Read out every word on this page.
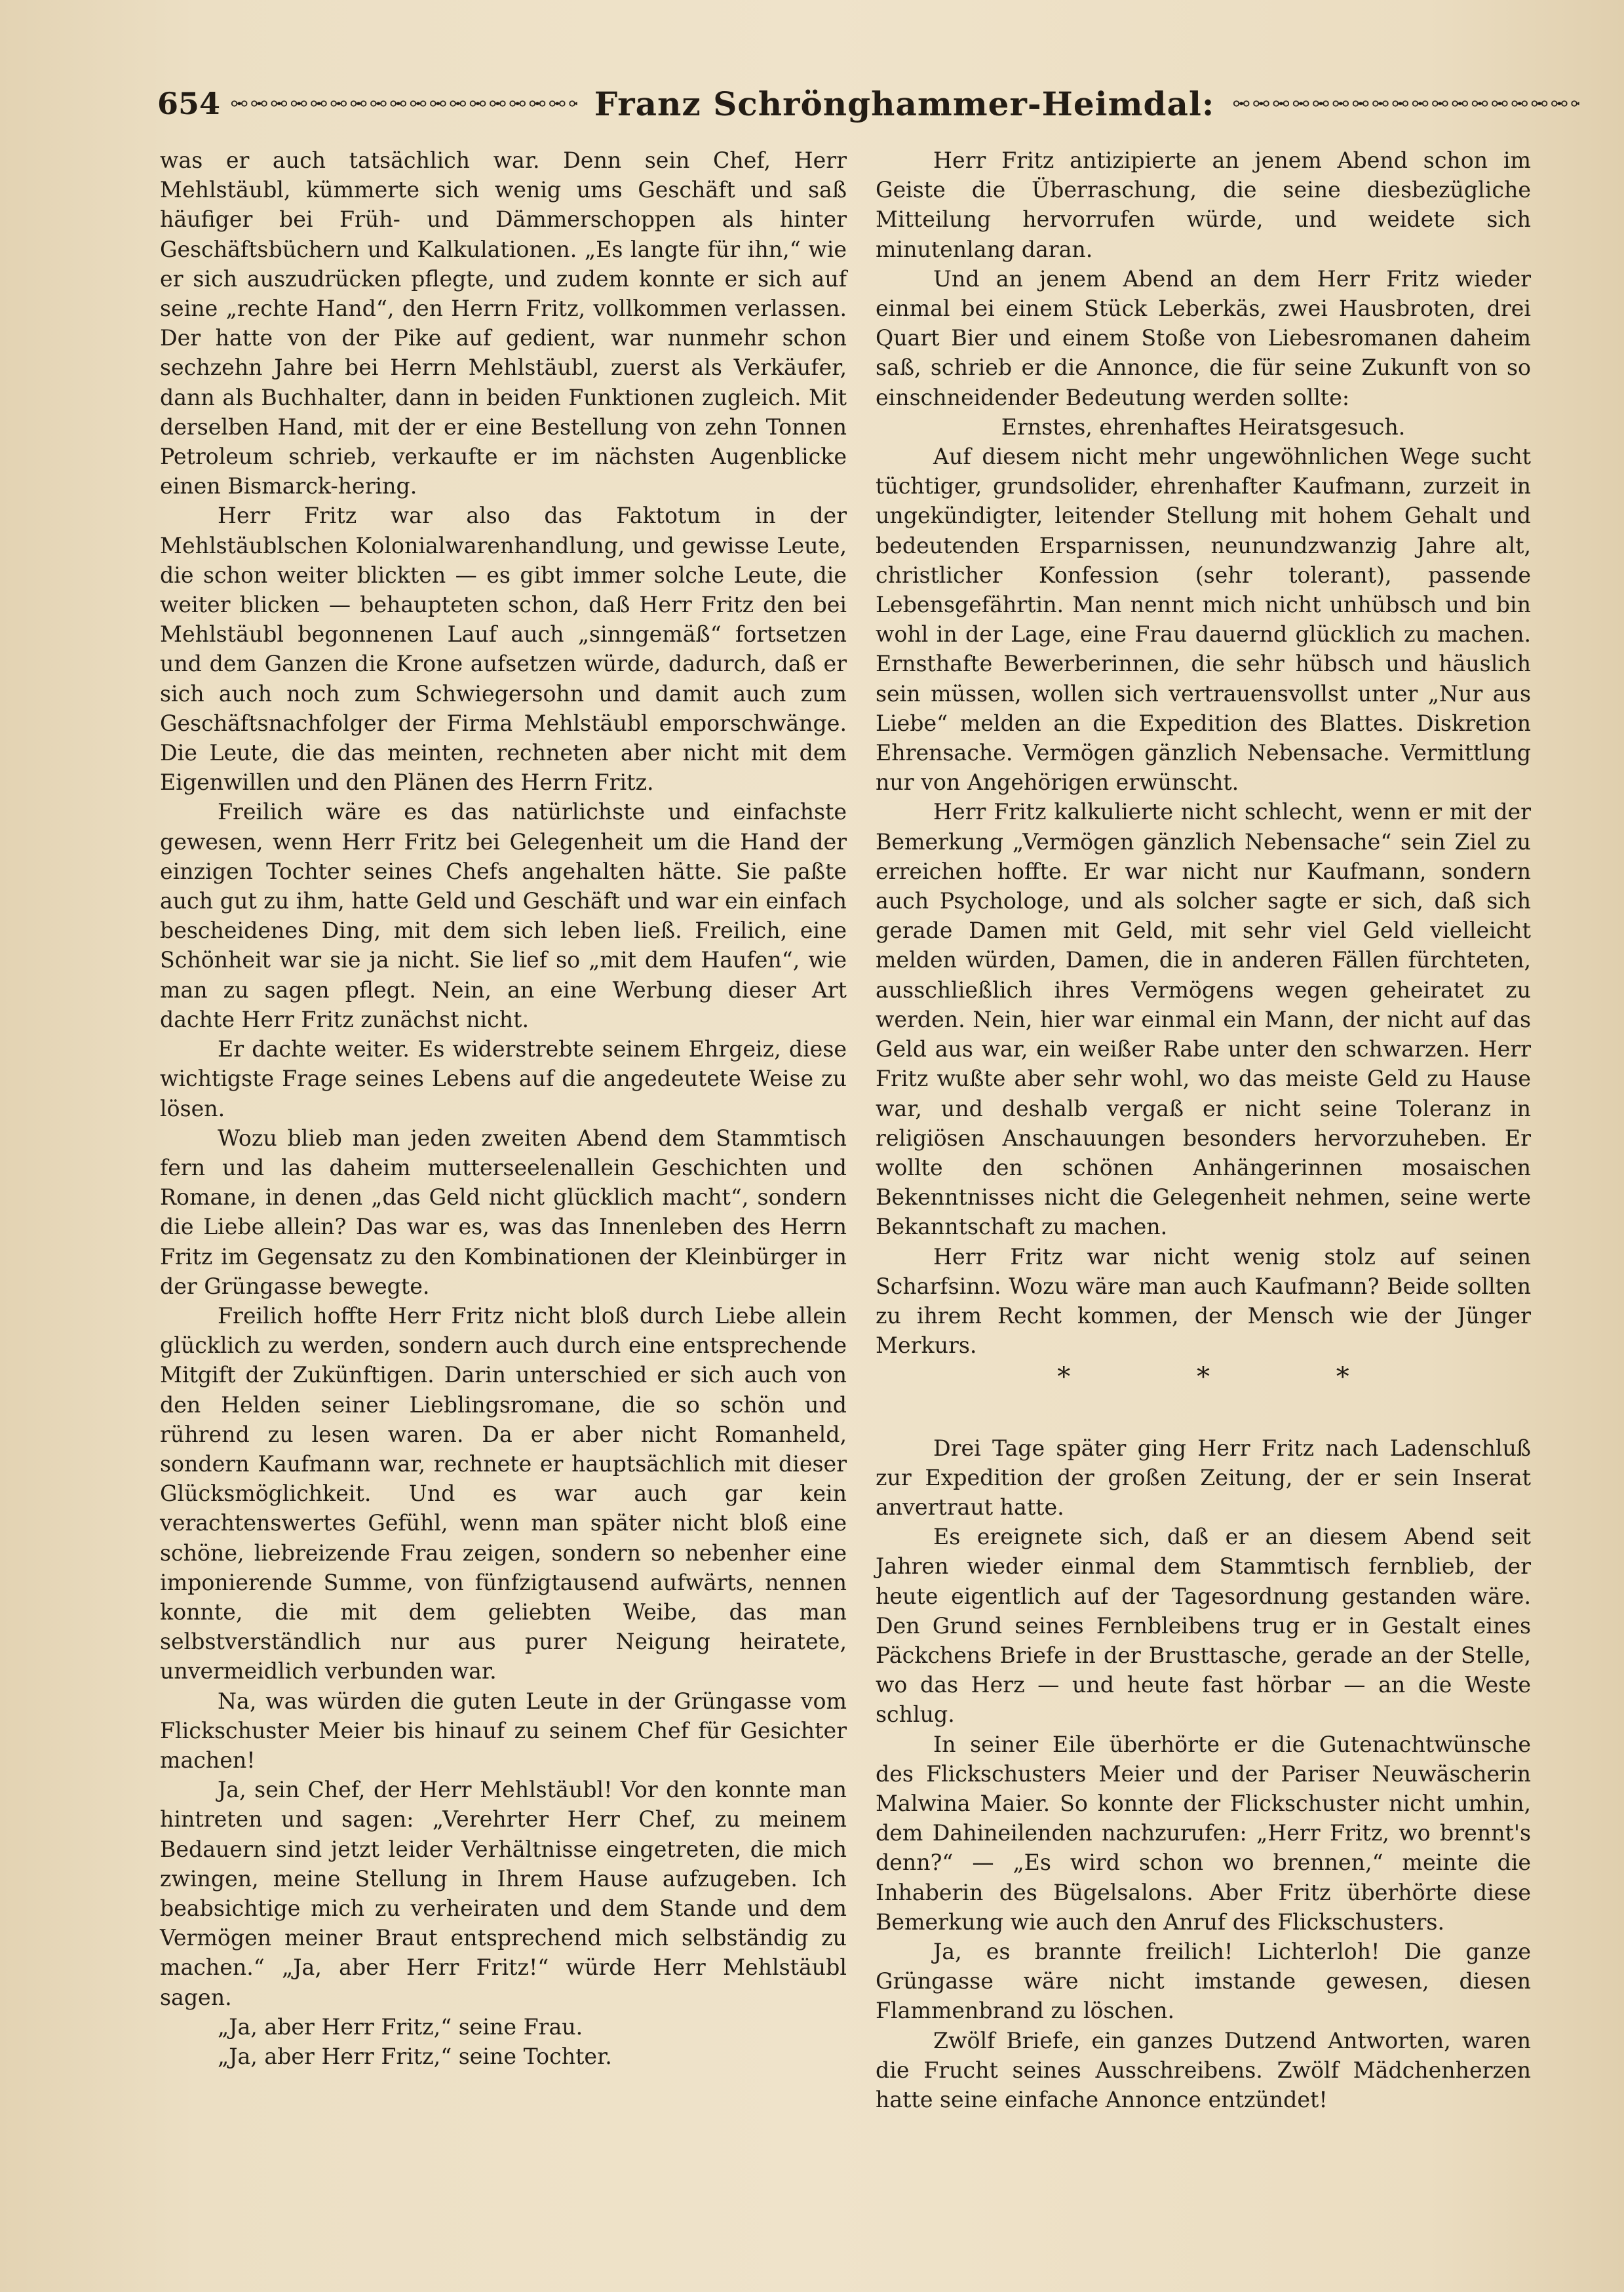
654	Franz Schrönghammer-Heimdal:

was er auch tatsächlich war. Denn sein Chef, Herr Mehlstäubl, kümmerte sich wenig ums Geschäft und saß häufiger bei Früh- und Dämmerschoppen als hinter Geschäftsbüchern und Kalkulationen. „Es langte für ihn,“ wie er sich auszudrücken pflegte, und zudem konnte er sich auf seine „rechte Hand“, den Herrn Fritz, vollkommen verlassen. Der hatte von der Pike auf gedient, war nunmehr schon sechzehn Jahre bei Herrn Mehlstäubl, zuerst als Verkäufer, dann als Buchhalter, dann in beiden Funktionen zugleich. Mit derselben Hand, mit der er eine Bestellung von zehn Tonnen Petroleum schrieb, verkaufte er im nächsten Augenblicke einen Bismarck-hering.

Herr Fritz war also das Faktotum in der Mehlstäublschen Kolonialwarenhandlung, und gewisse Leute, die schon weiter blickten — es gibt immer solche Leute, die weiter blicken — behaupteten schon, daß Herr Fritz den bei Mehlstäubl begonnenen Lauf auch „sinngemäß“ fortsetzen und dem Ganzen die Krone aufsetzen würde, dadurch, daß er sich auch noch zum Schwiegersohn und damit auch zum Geschäftsnachfolger der Firma Mehlstäubl emporschwänge. Die Leute, die das meinten, rechneten aber nicht mit dem Eigenwillen und den Plänen des Herrn Fritz.

Freilich wäre es das natürlichste und einfachste gewesen, wenn Herr Fritz bei Gelegenheit um die Hand der einzigen Tochter seines Chefs angehalten hätte. Sie paßte auch gut zu ihm, hatte Geld und Geschäft und war ein einfach bescheidenes Ding, mit dem sich leben ließ. Freilich, eine Schönheit war sie ja nicht. Sie lief so „mit dem Haufen“, wie man zu sagen pflegt. Nein, an eine Werbung dieser Art dachte Herr Fritz zunächst nicht.

Er dachte weiter. Es widerstrebte seinem Ehrgeiz, diese wichtigste Frage seines Lebens auf die angedeutete Weise zu lösen.

Wozu blieb man jeden zweiten Abend dem Stammtisch fern und las daheim mutterseelenallein Geschichten und Romane, in denen „das Geld nicht glücklich macht“, sondern die Liebe allein? Das war es, was das Innenleben des Herrn Fritz im Gegensatz zu den Kombinationen der Kleinbürger in der Grüngasse bewegte.

Freilich hoffte Herr Fritz nicht bloß durch Liebe allein glücklich zu werden, sondern auch durch eine entsprechende Mitgift der Zukünftigen. Darin unterschied er sich auch von den Helden seiner Lieblingsromane, die so schön und rührend zu lesen waren. Da er aber nicht Romanheld, sondern Kaufmann war, rechnete er hauptsächlich mit dieser Glücksmöglichkeit. Und es war auch gar kein verachtenswertes Gefühl, wenn man später nicht bloß eine schöne, liebreizende Frau zeigen, sondern so nebenher eine imponierende Summe, von fünfzigtausend aufwärts, nennen konnte, die mit dem geliebten Weibe, das man selbstverständlich nur aus purer Neigung heiratete, unvermeidlich verbunden war.

Na, was würden die guten Leute in der Grüngasse vom Flickschuster Meier bis hinauf zu seinem Chef für Gesichter machen!

Ja, sein Chef, der Herr Mehlstäubl! Vor den konnte man hintreten und sagen: „Verehrter Herr Chef, zu meinem Bedauern sind jetzt leider Verhältnisse eingetreten, die mich zwingen, meine Stellung in Ihrem Hause aufzugeben. Ich beabsichtige mich zu verheiraten und dem Stande und dem Vermögen meiner Braut entsprechend mich selbständig zu machen.“ „Ja, aber Herr Fritz!“ würde Herr Mehlstäubl sagen.

„Ja, aber Herr Fritz,“ seine Frau.

„Ja, aber Herr Fritz,“ seine Tochter.

Herr Fritz antizipierte an jenem Abend schon im Geiste die Überraschung, die seine diesbezügliche Mitteilung hervorrufen würde, und weidete sich minutenlang daran.

Und an jenem Abend an dem Herr Fritz wieder einmal bei einem Stück Leberkäs, zwei Hausbroten, drei Quart Bier und einem Stoße von Liebesromanen daheim saß, schrieb er die Annonce, die für seine Zukunft von so einschneidender Bedeutung werden sollte:

Ernstes, ehrenhaftes Heiratsgesuch.

Auf diesem nicht mehr ungewöhnlichen Wege sucht tüchtiger, grundsolider, ehrenhafter Kaufmann, zurzeit in ungekündigter, leitender Stellung mit hohem Gehalt und bedeutenden Ersparnissen, neunundzwanzig Jahre alt, christlicher Konfession (sehr tolerant), passende Lebensgefährtin. Man nennt mich nicht unhübsch und bin wohl in der Lage, eine Frau dauernd glücklich zu machen. Ernsthafte Bewerberinnen, die sehr hübsch und häuslich sein müssen, wollen sich vertrauensvollst unter „Nur aus Liebe“ melden an die Expedition des Blattes. Diskretion Ehrensache. Vermögen gänzlich Nebensache. Vermittlung nur von Angehörigen erwünscht.

Herr Fritz kalkulierte nicht schlecht, wenn er mit der Bemerkung „Vermögen gänzlich Nebensache“ sein Ziel zu erreichen hoffte. Er war nicht nur Kaufmann, sondern auch Psychologe, und als solcher sagte er sich, daß sich gerade Damen mit Geld, mit sehr viel Geld vielleicht melden würden, Damen, die in anderen Fällen fürchteten, ausschließlich ihres Vermögens wegen geheiratet zu werden. Nein, hier war einmal ein Mann, der nicht auf das Geld aus war, ein weißer Rabe unter den schwarzen. Herr Fritz wußte aber sehr wohl, wo das meiste Geld zu Hause war, und deshalb vergaß er nicht seine Toleranz in religiösen Anschauungen besonders hervorzuheben. Er wollte den schönen Anhängerinnen mosaischen Bekenntnisses nicht die Gelegenheit nehmen, seine werte Bekanntschaft zu machen.

Herr Fritz war nicht wenig stolz auf seinen Scharfsinn. Wozu wäre man auch Kaufmann? Beide sollten zu ihrem Recht kommen, der Mensch wie der Jünger Merkurs.

* * *

Drei Tage später ging Herr Fritz nach Ladenschluß zur Expedition der großen Zeitung, der er sein Inserat anvertraut hatte.

Es ereignete sich, daß er an diesem Abend seit Jahren wieder einmal dem Stammtisch fernblieb, der heute eigentlich auf der Tagesordnung gestanden wäre. Den Grund seines Fernbleibens trug er in Gestalt eines Päckchens Briefe in der Brusttasche, gerade an der Stelle, wo das Herz — und heute fast hörbar — an die Weste schlug.

In seiner Eile überhörte er die Gutenachtwünsche des Flickschusters Meier und der Pariser Neuwäscherin Malwina Maier. So konnte der Flickschuster nicht umhin, dem Dahineilenden nachzurufen: „Herr Fritz, wo brennt's denn?“ — „Es wird schon wo brennen,“ meinte die Inhaberin des Bügelsalons. Aber Fritz überhörte diese Bemerkung wie auch den Anruf des Flickschusters.

Ja, es brannte freilich! Lichterloh! Die ganze Grüngasse wäre nicht imstande gewesen, diesen Flammenbrand zu löschen.

Zwölf Briefe, ein ganzes Dutzend Antworten, waren die Frucht seines Ausschreibens. Zwölf Mädchenherzen hatte seine einfache Annonce entzündet!
